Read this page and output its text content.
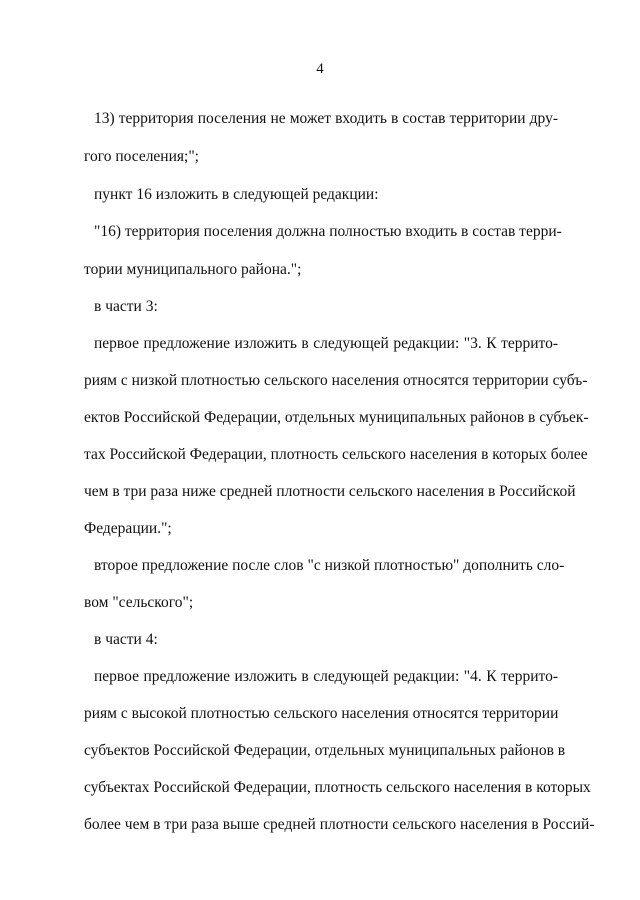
4
13) территория поселения не может входить в состав территории дру-
гого поселения;";
пункт 16 изложить в следующей редакции:
"16) территория поселения должна полностью входить в состав терри-
тории муниципального района.";
в части 3:
первое предложение изложить в следующей редакции: "3. К террито-
риям с низкой плотностью сельского населения относятся территории субъ-
ектов Российской Федерации, отдельных муниципальных районов в субъек-
тах Российской Федерации, плотность сельского населения в которых более
чем в три раза ниже средней плотности сельского населения в Российской
Федерации.";
второе предложение после слов "с низкой плотностью" дополнить сло-
вом "сельского";
в части 4:
первое предложение изложить в следующей редакции: "4. К террито-
риям с высокой плотностью сельского населения относятся территории
субъектов Российской Федерации, отдельных муниципальных районов в
субъектах Российской Федерации, плотность сельского населения в которых
более чем в три раза выше средней плотности сельского населения в Россий-
